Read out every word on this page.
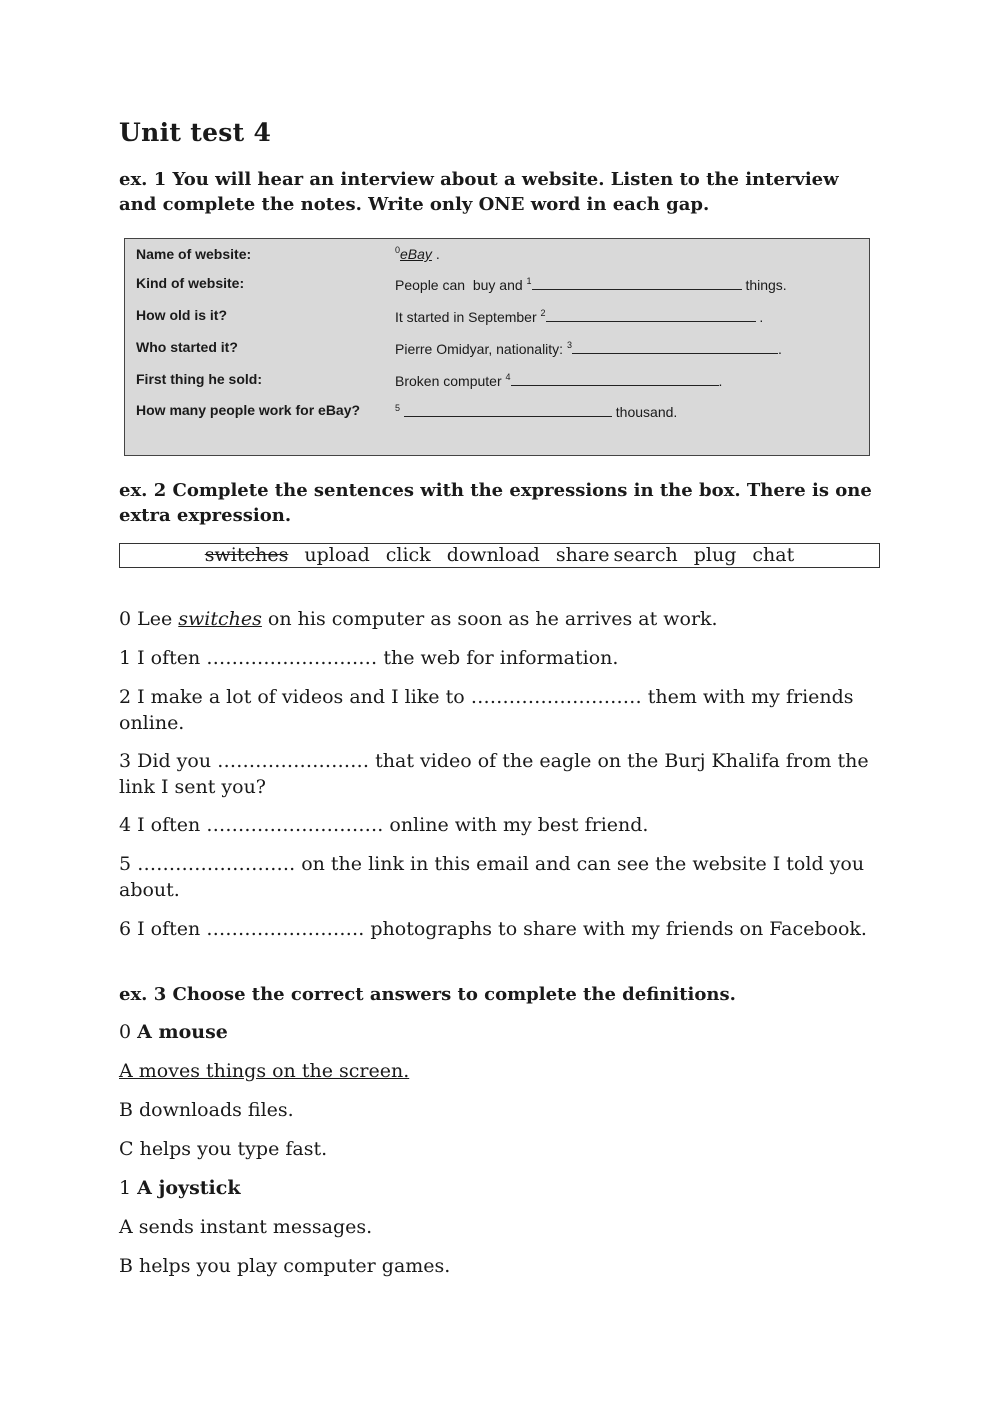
Unit test 4

ex. 1 You will hear an interview about a website. Listen to the interview and complete the notes. Write only ONE word in each gap.

Name of website:	$^0$eBay .
Kind of website:	People can  buy and $^1$	things.
How old is it?	It started in September $^2$	.
Who started it?	Pierre Omidyar, nationality: $^3$	.
First thing he sold:	Broken computer $^4$	.
How many people work for eBay?	$^5$	thousand.

ex. 2 Complete the sentences with the expressions in the box. There is one extra expression.

switches upload click download share search plug chat

0 Lee switches on his computer as soon as he arrives at work.

1 I often ……………………… the web for information.

2 I make a lot of videos and I like to ……………………… them with my friends online.

3 Did you …………………… that video of the eagle on the Burj Khalifa from the link I sent you?

4 I often ………………………. online with my best friend.

5 ……………………. on the link in this email and can see the website I told you about.

6 I often ……………………. photographs to share with my friends on Facebook.

ex. 3 Choose the correct answers to complete the definitions.

0 A mouse

A moves things on the screen.

B downloads files.

C helps you type fast.

1 A joystick

A sends instant messages.

B helps you play computer games.
